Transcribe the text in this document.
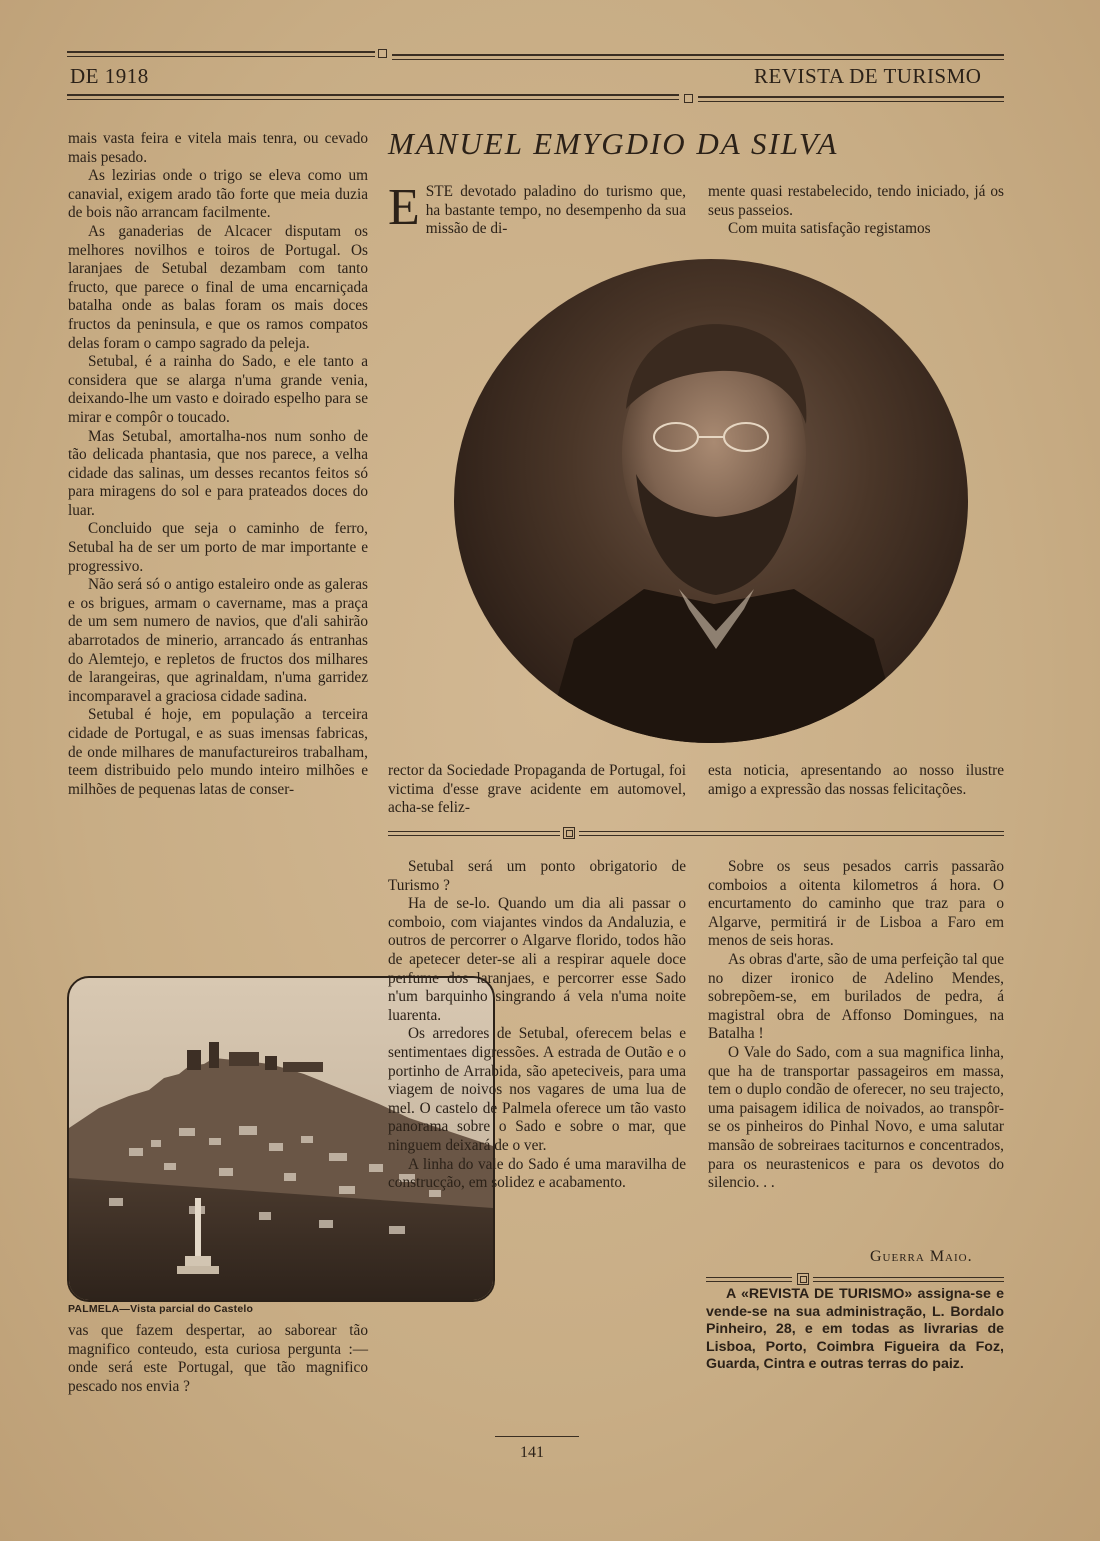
DE 1918	REVISTA DE TURISMO

mais vasta feira e vitela mais tenra, ou cevado mais pesado.

As lezirias onde o trigo se eleva como um canavial, exigem arado tão forte que meia duzia de bois não arrancam facilmente.

As ganaderias de Alcacer disputam os melhores novilhos e toiros de Portugal. Os laranjaes de Setubal dezambam com tanto fructo, que parece o final de uma encarniçada batalha onde as balas foram os mais doces fructos da peninsula, e que os ramos compatos delas foram o campo sagrado da peleja.

Setubal, é a rainha do Sado, e ele tanto a considera que se alarga n'uma grande venia, deixando-lhe um vasto e doirado espelho para se mirar e compôr o toucado.

Mas Setubal, amortalha-nos num sonho de tão delicada phantasia, que nos parece, a velha cidade das salinas, um desses recantos feitos só para miragens do sol e para prateados doces do luar.

Concluido que seja o caminho de ferro, Setubal ha de ser um porto de mar importante e progressivo.

Não será só o antigo estaleiro onde as galeras e os brigues, armam o cavername, mas a praça de um sem numero de navios, que d'ali sahirão abarrotados de minerio, arrancado ás entranhas do Alemtejo, e repletos de fructos dos milhares de larangeiras, que agrinaldam, n'uma garridez incomparavel a graciosa cidade sadina.

Setubal é hoje, em população a terceira cidade de Portugal, e as suas imensas fabricas, de onde milhares de manufactureiros trabalham, teem distribuido pelo mundo inteiro milhões e milhões de pequenas latas de conser-

PALMELA—Vista parcial do Castelo

vas que fazem despertar, ao saborear tão magnifico conteudo, esta curiosa pergunta :—onde será este Portugal, que tão magnifico pescado nos envia ?

MANUEL EMYGDIO DA SILVA
ESTE devotado paladino do turismo que, ha bastante tempo, no desempenho da sua missão de di-

mente quasi restabelecido, tendo iniciado, já os seus passeios.

Com muita satisfação registamos

rector da Sociedade Propaganda de Portugal, foi victima d'esse grave acidente em automovel, acha-se feliz-

esta noticia, apresentando ao nosso ilustre amigo a expressão das nossas felicitações.

Setubal será um ponto obrigatorio de Turismo ?

Ha de se-lo. Quando um dia ali passar o comboio, com viajantes vindos da Andaluzia, e outros de percorrer o Algarve florido, todos hão de apetecer deter-se ali a respirar aquele doce perfume dos laranjaes, e percorrer esse Sado n'um barquinho singrando á vela n'uma noite luarenta.

Os arredores de Setubal, oferecem belas e sentimentaes digressões. A estrada de Outão e o portinho de Arrabida, são apeteciveis, para uma viagem de noivos nos vagares de uma lua de mel. O castelo de Palmela oferece um tão vasto panorama sobre o Sado e sobre o mar, que ninguem deixará de o ver.

A linha do vale do Sado é uma maravilha de construcção, em solidez e acabamento.

Sobre os seus pesados carris passarão comboios a oitenta kilometros á hora. O encurtamento do caminho que traz para o Algarve, permitirá ir de Lisboa a Faro em menos de seis horas.

As obras d'arte, são de uma perfeição tal que no dizer ironico de Adelino Mendes, sobrepõem-se, em burilados de pedra, á magistral obra de Affonso Domingues, na Batalha !

O Vale do Sado, com a sua magnifica linha, que ha de transportar passageiros em massa, tem o duplo condão de oferecer, no seu trajecto, uma paisagem idilica de noivados, ao transpôr-se os pinheiros do Pinhal Novo, e uma salutar mansão de sobreiraes taciturnos e concentrados, para os neurastenicos e para os devotos do silencio. . .

Guerra Maio.

A «REVISTA DE TURISMO» assigna-se e vende-se na sua administração, L. Bordalo Pinheiro, 28, e em todas as livrarias de Lisboa, Porto, Coimbra Figueira da Foz, Guarda, Cintra e outras terras do paiz.

141
